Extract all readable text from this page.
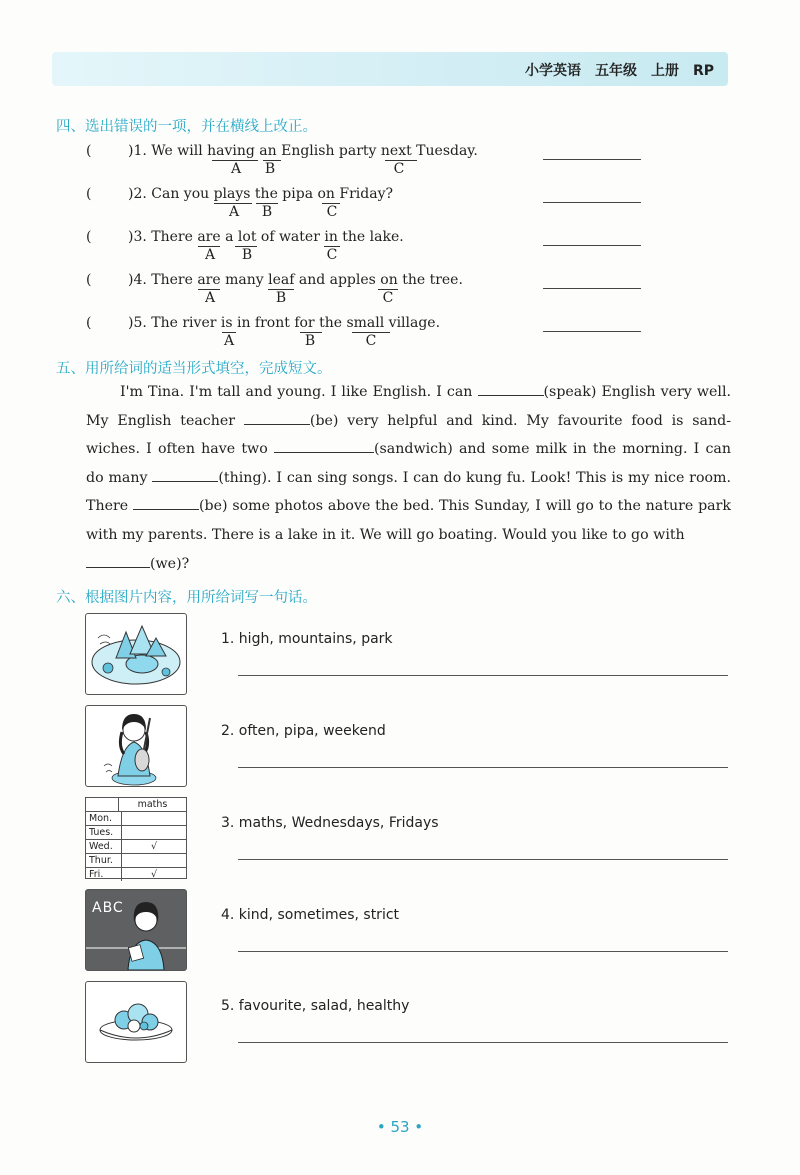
小学英语　五年级　上册　RP
四、选出错误的一项，并在横线上改正。
(	)1. We will having an English party next Tuesday.
A	B	C
(	)2. Can you plays the pipa on Friday?
A	B	C
(	)3. There are a lot of water in the lake.
A	B	C
(	)4. There are many leaf and apples on the tree.
A	B	C
(	)5. The river is in front for the small village.
A	B	C
五、用所给词的适当形式填空，完成短文。
I'm Tina. I'm tall and young. I like English. I can	(speak) English very well. My English teacher	(be) very helpful and kind. My favourite food is sand- wiches. I often have two	(sandwich) and some milk in the morning. I can do many	(thing). I can sing songs. I can do kung fu. Look! This is my nice room. There	(be) some photos above the bed. This Sunday, I will go to the nature park with my parents. There is a lake in it. We will go boating. Would you like to go with
(we)?
六、根据图片内容，用所给词写一句话。
1. high, mountains, park
2. often, pipa, weekend
maths
Mon.
Tues.
Wed.	√
Thur.
Fri.	√
3. maths, Wednesdays, Fridays
ABC	4. kind, sometimes, strict
5. favourite, salad, healthy
• 53 •
